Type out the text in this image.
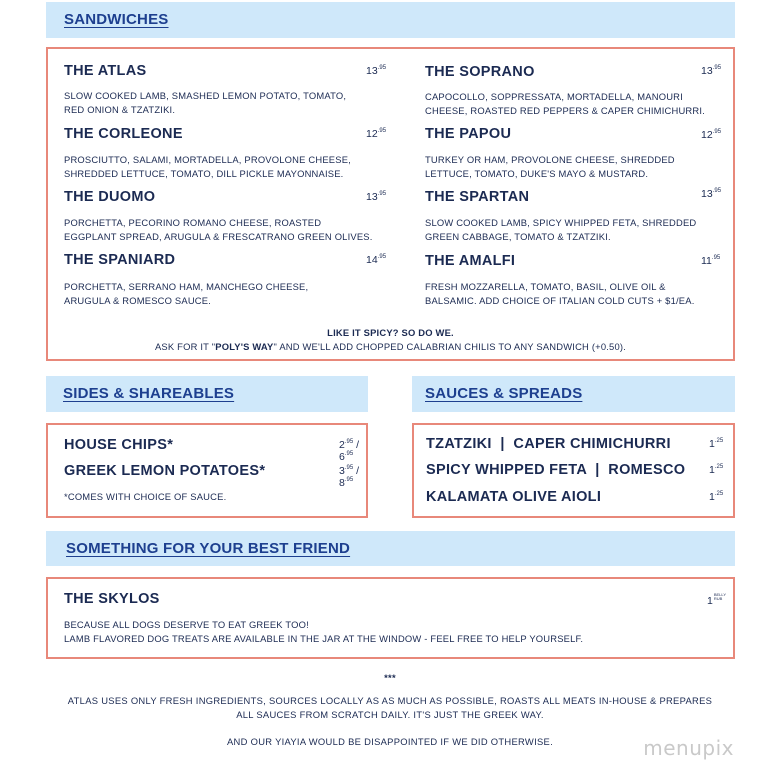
SANDWICHES
THE ATLAS	$13^{.95}$
SLOW COOKED LAMB, SMASHED LEMON POTATO, TOMATO,
RED ONION & TZATZIKI.
THE CORLEONE	$12^{.95}$
PROSCIUTTO, SALAMI, MORTADELLA, PROVOLONE CHEESE,
SHREDDED LETTUCE, TOMATO, DILL PICKLE MAYONNAISE.
THE DUOMO	$13^{.95}$
PORCHETTA, PECORINO ROMANO CHEESE, ROASTED
EGGPLANT SPREAD, ARUGULA & FRESCATRANO GREEN OLIVES.
THE SPANIARD	$14^{.95}$
PORCHETTA, SERRANO HAM, MANCHEGO CHEESE,
ARUGULA & ROMESCO SAUCE.
THE SOPRANO	$13^{.95}$
CAPOCOLLO, SOPPRESSATA, MORTADELLA, MANOURI
CHEESE, ROASTED RED PEPPERS & CAPER CHIMICHURRI.
THE PAPOU	$12^{.95}$
TURKEY OR HAM, PROVOLONE CHEESE, SHREDDED
LETTUCE, TOMATO, DUKE'S MAYO & MUSTARD.
THE SPARTAN	$13^{.95}$
SLOW COOKED LAMB, SPICY WHIPPED FETA, SHREDDED
GREEN CABBAGE, TOMATO & TZATZIKI.
THE AMALFI	$11^{.95}$
FRESH MOZZARELLA, TOMATO, BASIL, OLIVE OIL &
BALSAMIC. ADD CHOICE OF ITALIAN COLD CUTS + $1/EA.
LIKE IT SPICY? SO DO WE.
ASK FOR IT "POLY'S WAY" AND WE'LL ADD CHOPPED CALABRIAN CHILIS TO ANY SANDWICH (+0.50).
SIDES & SHAREABLES	SAUCES & SPREADS
HOUSE CHIPS*	$2^{.95} / 6^{.95}$
GREEK LEMON POTATOES*	$3^{.95} / 8^{.95}$
*COMES WITH CHOICE OF SAUCE.
TZATZIKI  |  CAPER CHIMICHURRI	$1^{.25}$
SPICY WHIPPED FETA  |  ROMESCO $1^{.25}$
KALAMATA OLIVE AIOLI	$1^{.25}$
SOMETHING FOR YOUR BEST FRIEND
THE SKYLOS	1BELLY
RUB
BECAUSE ALL DOGS DESERVE TO EAT GREEK TOO!
LAMB FLAVORED DOG TREATS ARE AVAILABLE IN THE JAR AT THE WINDOW - FEEL FREE TO HELP YOURSELF.
***
ATLAS USES ONLY FRESH INGREDIENTS, SOURCES LOCALLY AS AS MUCH AS POSSIBLE, ROASTS ALL MEATS IN-HOUSE & PREPARES
ALL SAUCES FROM SCRATCH DAILY. IT'S JUST THE GREEK WAY.
AND OUR YIAYIA WOULD BE DISAPPOINTED IF WE DID OTHERWISE.	menupix
